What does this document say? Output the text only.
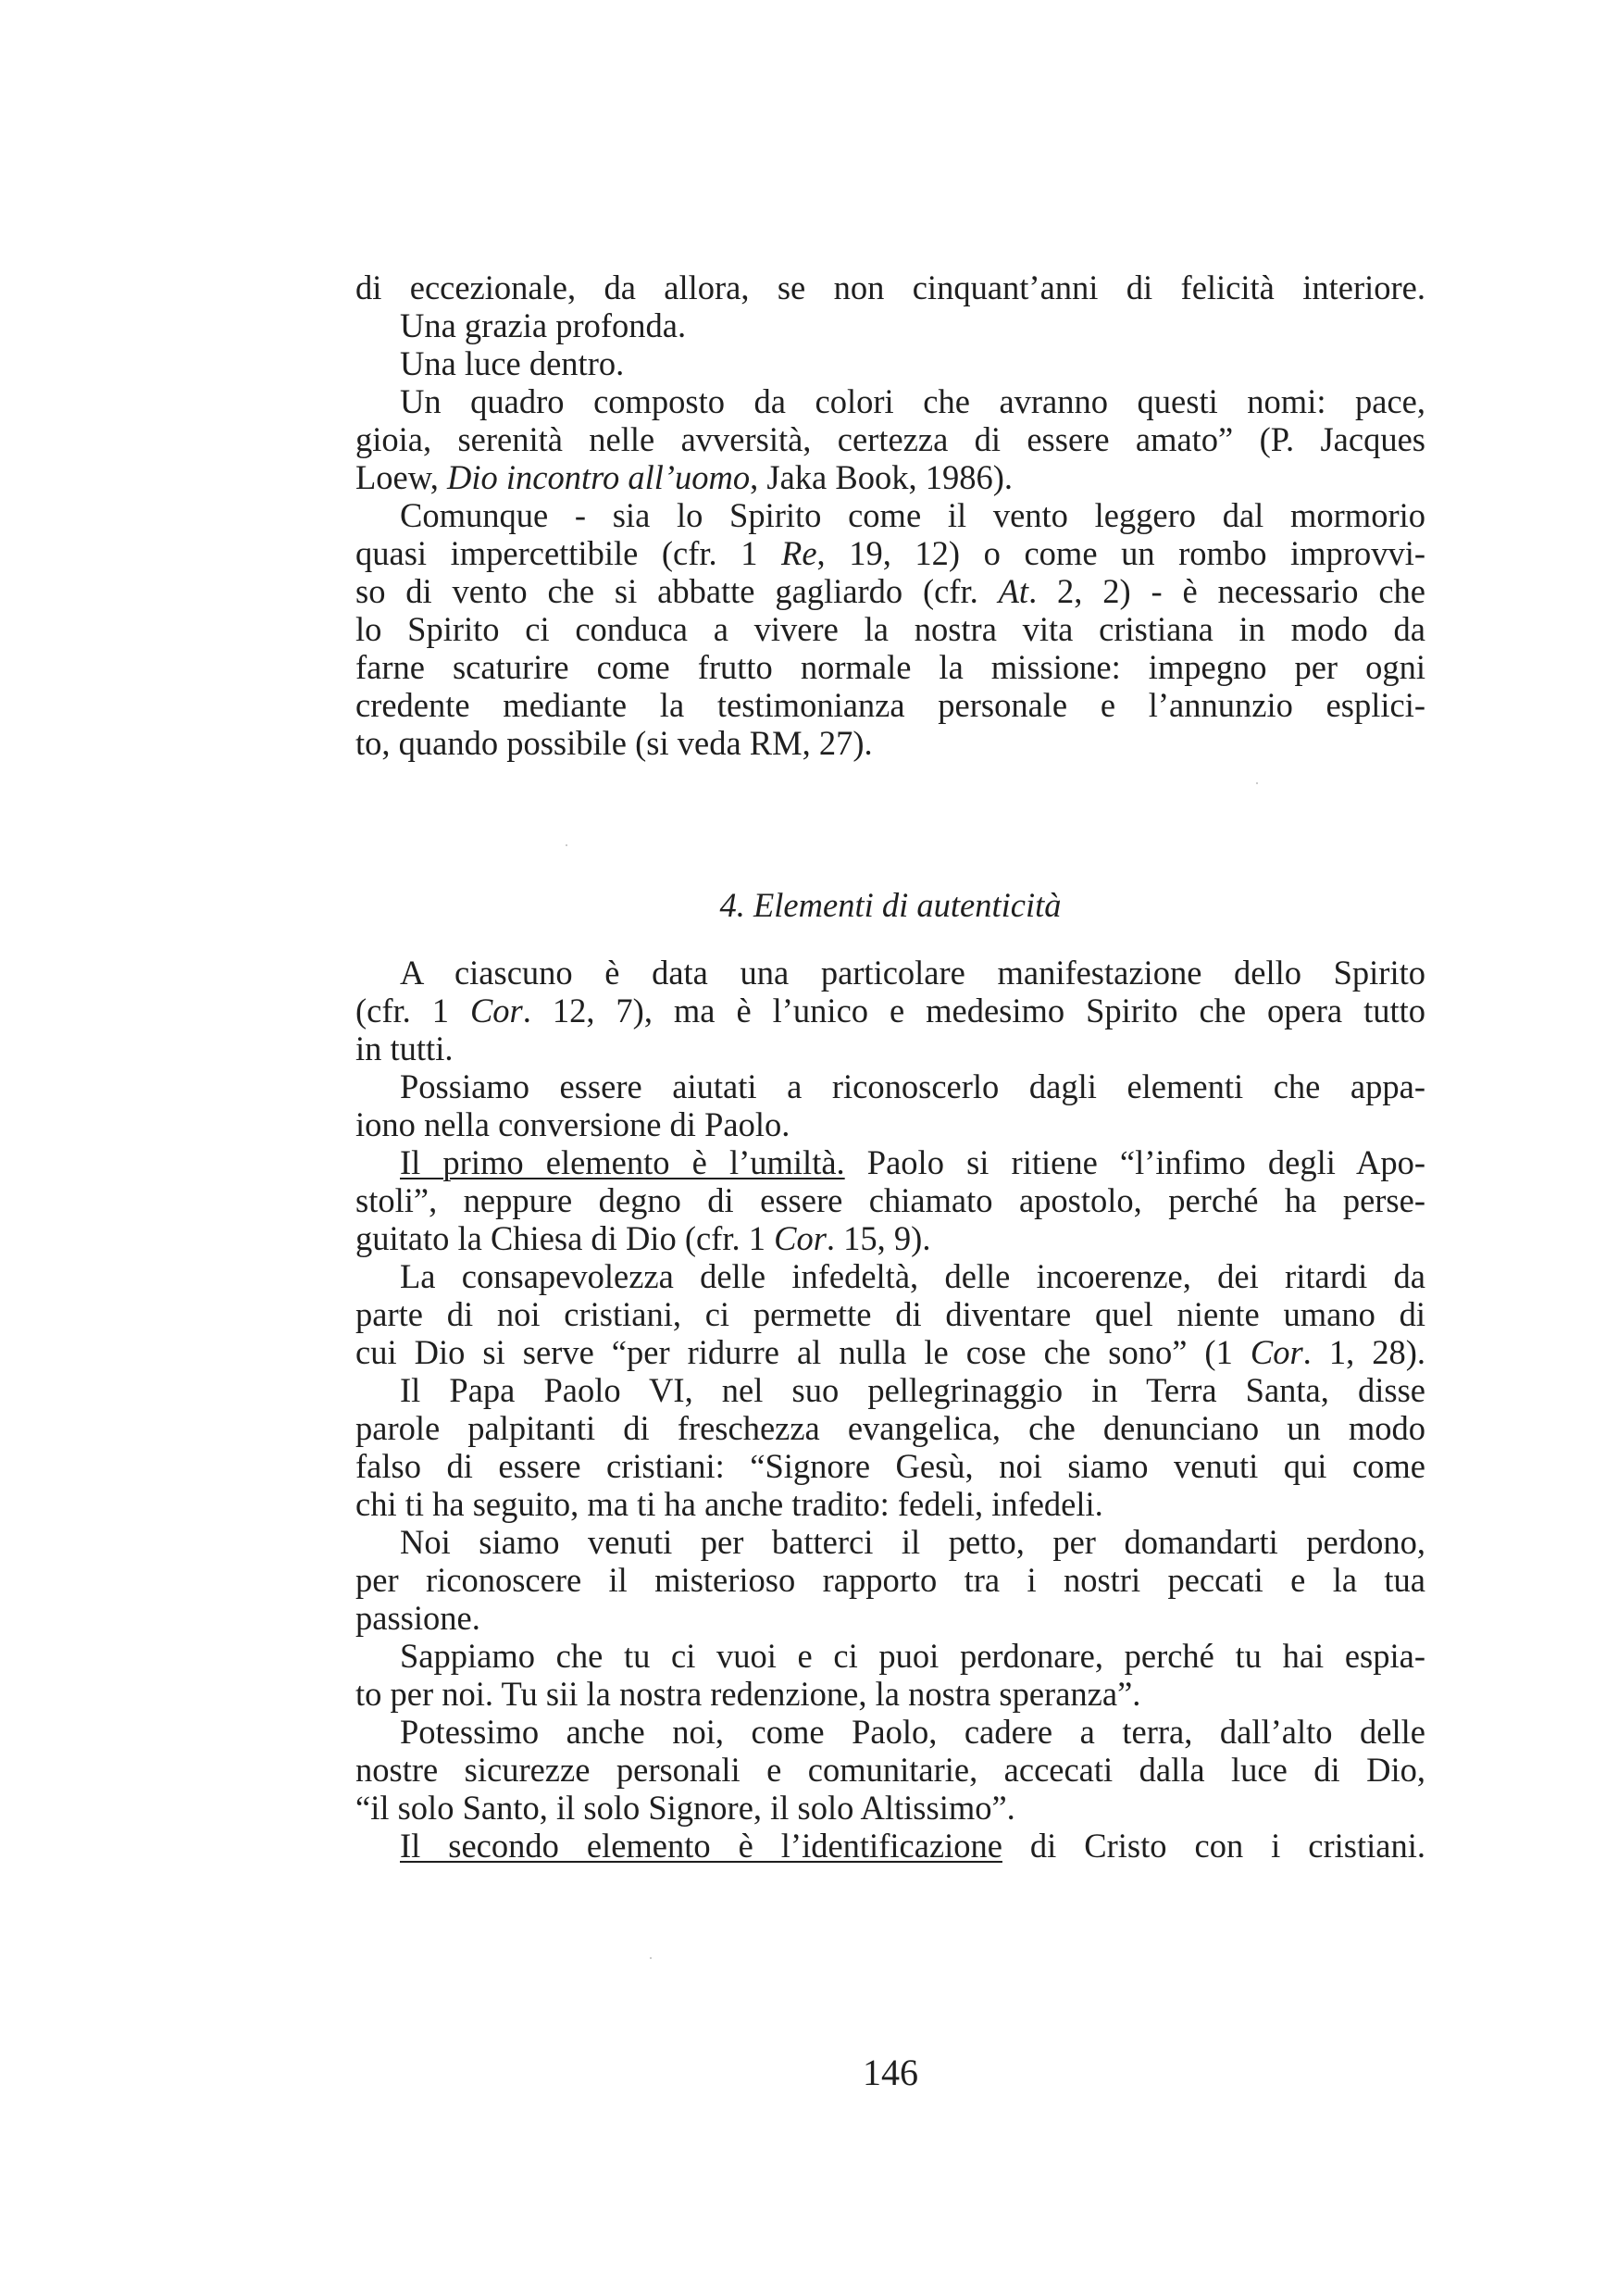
di eccezionale, da allora, se non cinquant’anni di felicità interiore.
Una grazia profonda.
Una luce dentro.
Un quadro composto da colori che avranno questi nomi: pace,
gioia, serenità nelle avversità, certezza di essere amato” (P. Jacques
Loew, Dio incontro all’uomo, Jaka Book, 1986).
Comunque - sia lo Spirito come il vento leggero dal mormorio
quasi impercettibile (cfr. 1 Re, 19, 12) o come un rombo improvvi-
so di vento che si abbatte gagliardo (cfr. At. 2, 2) - è necessario che
lo Spirito ci conduca a vivere la nostra vita cristiana in modo da
farne scaturire come frutto normale la missione: impegno per ogni
credente mediante la testimonianza personale e l’annunzio esplici-
to, quando possibile (si veda RM, 27).
4. Elementi di autenticità
A ciascuno è data una particolare manifestazione dello Spirito
(cfr. 1 Cor. 12, 7), ma è l’unico e medesimo Spirito che opera tutto
in tutti.
Possiamo essere aiutati a riconoscerlo dagli elementi che appa-
iono nella conversione di Paolo.
Il primo elemento è l’umiltà. Paolo si ritiene “l’infimo degli Apo-
stoli”, neppure degno di essere chiamato apostolo, perché ha perse-
guitato la Chiesa di Dio (cfr. 1 Cor. 15, 9).
La consapevolezza delle infedeltà, delle incoerenze, dei ritardi da
parte di noi cristiani, ci permette di diventare quel niente umano di
cui Dio si serve “per ridurre al nulla le cose che sono” (1 Cor. 1, 28).
Il Papa Paolo VI, nel suo pellegrinaggio in Terra Santa, disse
parole palpitanti di freschezza evangelica, che denunciano un modo
falso di essere cristiani: “Signore Gesù, noi siamo venuti qui come
chi ti ha seguito, ma ti ha anche tradito: fedeli, infedeli.
Noi siamo venuti per batterci il petto, per domandarti perdono,
per riconoscere il misterioso rapporto tra i nostri peccati e la tua
passione.
Sappiamo che tu ci vuoi e ci puoi perdonare, perché tu hai espia-
to per noi. Tu sii la nostra redenzione, la nostra speranza”.
Potessimo anche noi, come Paolo, cadere a terra, dall’alto delle
nostre sicurezze personali e comunitarie, accecati dalla luce di Dio,
“il solo Santo, il solo Signore, il solo Altissimo”.
Il secondo elemento è l’identificazione di Cristo con i cristiani.
146
